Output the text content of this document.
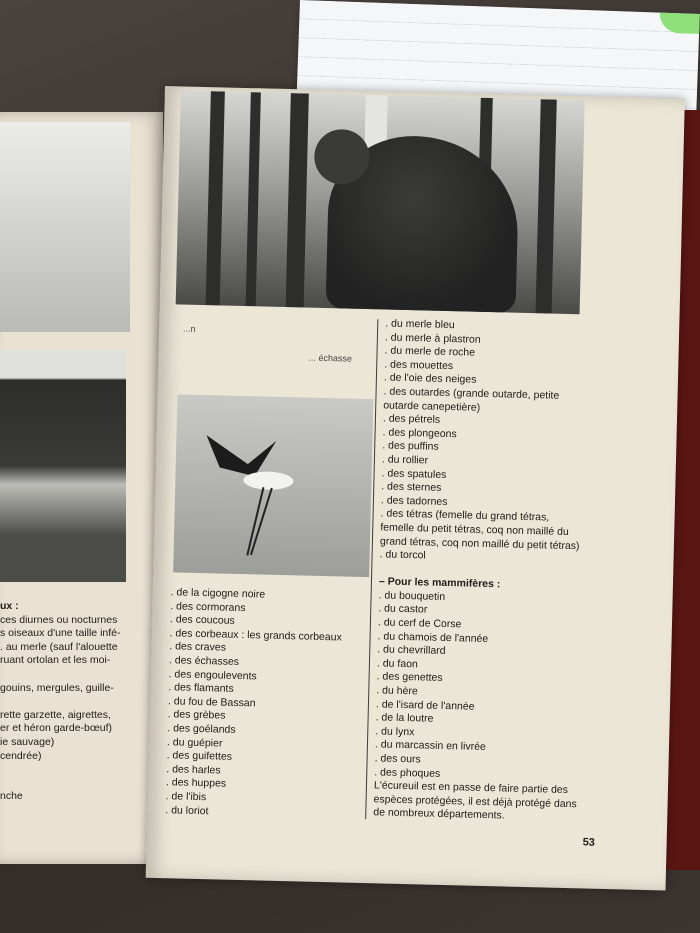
ux :
ces diurnes ou nocturnes
s oiseaux d'une taille infé-
. au merle (sauf l'alouette
ruant ortolan et les moi-

gouins, mergules, guille-

rette garzette, aigrettes,
er et héron garde-bœuf)
ie sauvage)
cendrée)

nche
...n
... échasse
. de la cigogne noire
. des cormorans
. des coucous
. des corbeaux : les grands corbeaux
. des craves
. des échasses
. des engoulevents
. des flamants
. du fou de Bassan
. des grèbes
. des goélands
. du guépier
. des guifettes
. des harles
. des huppes
. de l'ibis
. du loriot
. du merle bleu
. du merle à plastron
. du merle de roche
. des mouettes
. de l'oie des neiges
. des outardes (grande outarde, petite
outarde canepetière)
. des pétrels
. des plongeons
. des puffins
. du rollier
. des spatules
. des sternes
. des tadornes
. des tétras (femelle du grand tétras,
femelle du petit tétras, coq non maillé du
grand tétras, coq non maillé du petit tétras)
. du torcol

– Pour les mammifères :
. du bouquetin
. du castor
. du cerf de Corse
. du chamois de l'année
. du chevrillard
. du faon
. des genettes
. du hère
. de l'isard de l'année
. de la loutre
. du lynx
. du marcassin en livrée
. des ours
. des phoques
L'écureuil est en passe de faire partie des
espèces protégées, il est déjà protégé dans
de nombreux départements.
53
